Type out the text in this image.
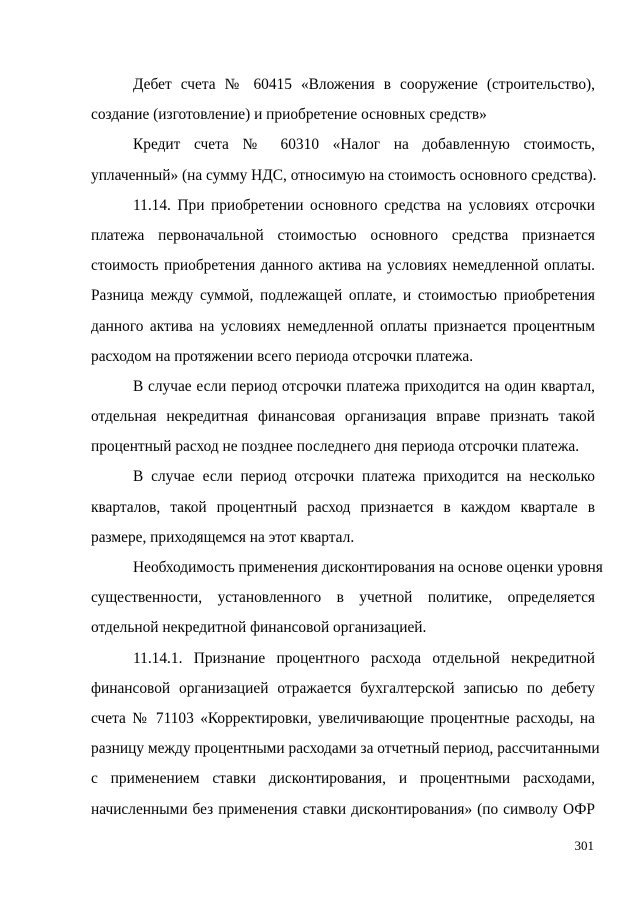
Дебет счета № 60415 «Вложения в сооружение (строительство),
создание (изготовление) и приобретение основных средств»
Кредит счета № 60310 «Налог на добавленную стоимость,
уплаченный» (на сумму НДС, относимую на стоимость основного средства).
11.14. При приобретении основного средства на условиях отсрочки
платежа первоначальной стоимостью основного средства признается
стоимость приобретения данного актива на условиях немедленной оплаты.
Разница между суммой, подлежащей оплате, и стоимостью приобретения
данного актива на условиях немедленной оплаты признается процентным
расходом на протяжении всего периода отсрочки платежа.
В случае если период отсрочки платежа приходится на один квартал,
отдельная некредитная финансовая организация вправе признать такой
процентный расход не позднее последнего дня периода отсрочки платежа.
В случае если период отсрочки платежа приходится на несколько
кварталов, такой процентный расход признается в каждом квартале в
размере, приходящемся на этот квартал.
Необходимость применения дисконтирования на основе оценки уровня
существенности, установленного в учетной политике, определяется
отдельной некредитной финансовой организацией.
11.14.1. Признание процентного расхода отдельной некредитной
финансовой организацией отражается бухгалтерской записью по дебету
счета № 71103 «Корректировки, увеличивающие процентные расходы, на
разницу между процентными расходами за отчетный период, рассчитанными
с применением ставки дисконтирования, и процентными расходами,
начисленными без применения ставки дисконтирования» (по символу ОФР
301
